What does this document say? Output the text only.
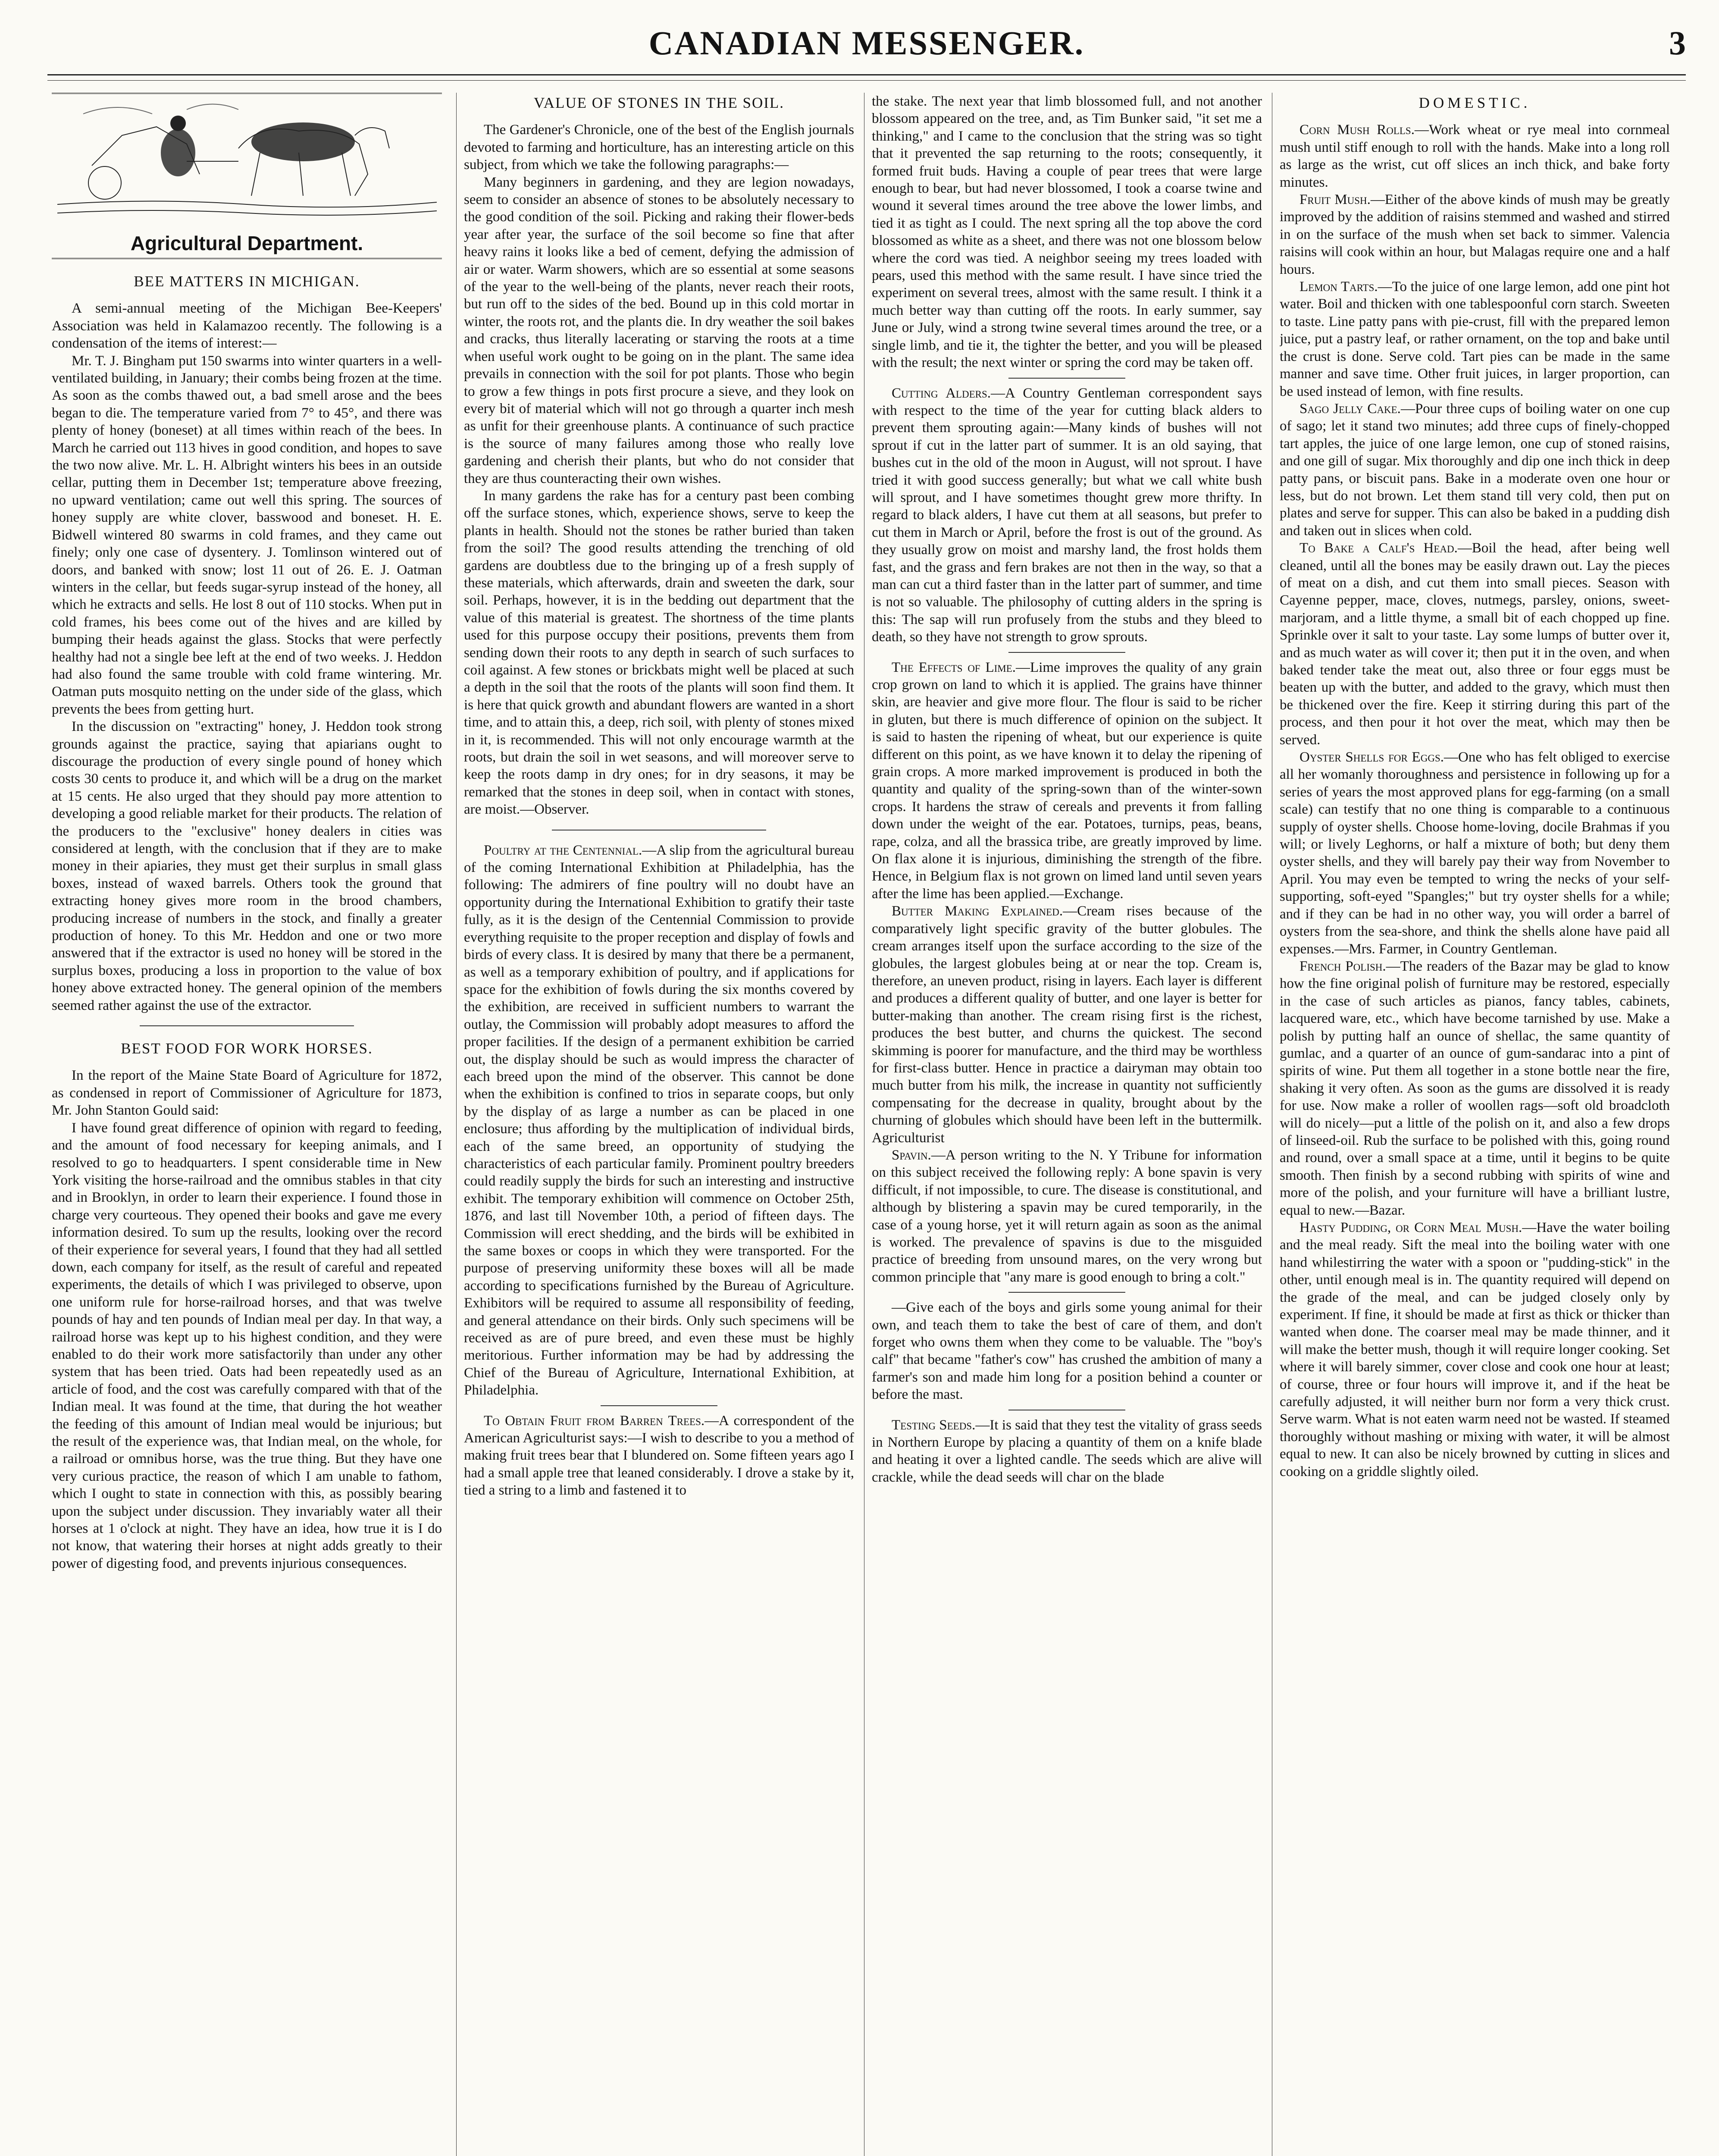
CANADIAN MESSENGER.	3
Agricultural Department.
BEE MATTERS IN MICHIGAN.

A semi-annual meeting of the Michigan Bee-Keepers' Association was held in Kalamazoo recently. The following is a condensation of the items of interest:—

Mr. T. J. Bingham put 150 swarms into winter quarters in a well-ventilated building, in January; their combs being frozen at the time. As soon as the combs thawed out, a bad smell arose and the bees began to die. The temperature varied from 7° to 45°, and there was plenty of honey (boneset) at all times within reach of the bees. In March he carried out 113 hives in good condition, and hopes to save the two now alive. Mr. L. H. Albright winters his bees in an outside cellar, putting them in December 1st; temperature above freezing, no upward ventilation; came out well this spring. The sources of honey supply are white clover, basswood and boneset. H. E. Bidwell wintered 80 swarms in cold frames, and they came out finely; only one case of dysentery. J. Tomlinson wintered out of doors, and banked with snow; lost 11 out of 26. E. J. Oatman winters in the cellar, but feeds sugar-syrup instead of the honey, all which he extracts and sells. He lost 8 out of 110 stocks. When put in cold frames, his bees come out of the hives and are killed by bumping their heads against the glass. Stocks that were perfectly healthy had not a single bee left at the end of two weeks. J. Heddon had also found the same trouble with cold frame wintering. Mr. Oatman puts mosquito netting on the under side of the glass, which prevents the bees from getting hurt.

In the discussion on "extracting" honey, J. Heddon took strong grounds against the practice, saying that apiarians ought to discourage the production of every single pound of honey which costs 30 cents to produce it, and which will be a drug on the market at 15 cents. He also urged that they should pay more attention to developing a good reliable market for their products. The relation of the producers to the "exclusive" honey dealers in cities was considered at length, with the conclusion that if they are to make money in their apiaries, they must get their surplus in small glass boxes, instead of waxed barrels. Others took the ground that extracting honey gives more room in the brood chambers, producing increase of numbers in the stock, and finally a greater production of honey. To this Mr. Heddon and one or two more answered that if the extractor is used no honey will be stored in the surplus boxes, producing a loss in proportion to the value of box honey above extracted honey. The general opinion of the members seemed rather against the use of the extractor.

BEST FOOD FOR WORK HORSES.

In the report of the Maine State Board of Agriculture for 1872, as condensed in report of Commissioner of Agriculture for 1873, Mr. John Stanton Gould said:

I have found great difference of opinion with regard to feeding, and the amount of food necessary for keeping animals, and I resolved to go to headquarters. I spent considerable time in New York visiting the horse-railroad and the omnibus stables in that city and in Brooklyn, in order to learn their experience. I found those in charge very courteous. They opened their books and gave me every information desired. To sum up the results, looking over the record of their experience for several years, I found that they had all settled down, each company for itself, as the result of careful and repeated experiments, the details of which I was privileged to observe, upon one uniform rule for horse-railroad horses, and that was twelve pounds of hay and ten pounds of Indian meal per day. In that way, a railroad horse was kept up to his highest condition, and they were enabled to do their work more satisfactorily than under any other system that has been tried. Oats had been repeatedly used as an article of food, and the cost was carefully compared with that of the Indian meal. It was found at the time, that during the hot weather the feeding of this amount of Indian meal would be injurious; but the result of the experience was, that Indian meal, on the whole, for a railroad or omnibus horse, was the true thing. But they have one very curious practice, the reason of which I am unable to fathom, which I ought to state in connection with this, as possibly bearing upon the subject under discussion. They invariably water all their horses at 1 o'clock at night. They have an idea, how true it is I do not know, that watering their horses at night adds greatly to their power of digesting food, and prevents injurious consequences.

VALUE OF STONES IN THE SOIL.

The Gardener's Chronicle, one of the best of the English journals devoted to farming and horticulture, has an interesting article on this subject, from which we take the following paragraphs:—

Many beginners in gardening, and they are legion nowadays, seem to consider an absence of stones to be absolutely necessary to the good condition of the soil. Picking and raking their flower-beds year after year, the surface of the soil become so fine that after heavy rains it looks like a bed of cement, defying the admission of air or water. Warm showers, which are so essential at some seasons of the year to the well-being of the plants, never reach their roots, but run off to the sides of the bed. Bound up in this cold mortar in winter, the roots rot, and the plants die. In dry weather the soil bakes and cracks, thus literally lacerating or starving the roots at a time when useful work ought to be going on in the plant. The same idea prevails in connection with the soil for pot plants. Those who begin to grow a few things in pots first procure a sieve, and they look on every bit of material which will not go through a quarter inch mesh as unfit for their greenhouse plants. A continuance of such practice is the source of many failures among those who really love gardening and cherish their plants, but who do not consider that they are thus counteracting their own wishes.

In many gardens the rake has for a century past been combing off the surface stones, which, experience shows, serve to keep the plants in health. Should not the stones be rather buried than taken from the soil? The good results attending the trenching of old gardens are doubtless due to the bringing up of a fresh supply of these materials, which afterwards, drain and sweeten the dark, sour soil. Perhaps, however, it is in the bedding out department that the value of this material is greatest. The shortness of the time plants used for this purpose occupy their positions, prevents them from sending down their roots to any depth in search of such surfaces to coil against. A few stones or brickbats might well be placed at such a depth in the soil that the roots of the plants will soon find them. It is here that quick growth and abundant flowers are wanted in a short time, and to attain this, a deep, rich soil, with plenty of stones mixed in it, is recommended. This will not only encourage warmth at the roots, but drain the soil in wet seasons, and will moreover serve to keep the roots damp in dry ones; for in dry seasons, it may be remarked that the stones in deep soil, when in contact with stones, are moist.—Observer.

Poultry at the Centennial.—A slip from the agricultural bureau of the coming International Exhibition at Philadelphia, has the following: The admirers of fine poultry will no doubt have an opportunity during the International Exhibition to gratify their taste fully, as it is the design of the Centennial Commission to provide everything requisite to the proper reception and display of fowls and birds of every class. It is desired by many that there be a permanent, as well as a temporary exhibition of poultry, and if applications for space for the exhibition of fowls during the six months covered by the exhibition, are received in sufficient numbers to warrant the outlay, the Commission will probably adopt measures to afford the proper facilities. If the design of a permanent exhibition be carried out, the display should be such as would impress the character of each breed upon the mind of the observer. This cannot be done when the exhibition is confined to trios in separate coops, but only by the display of as large a number as can be placed in one enclosure; thus affording by the multiplication of individual birds, each of the same breed, an opportunity of studying the characteristics of each particular family. Prominent poultry breeders could readily supply the birds for such an interesting and instructive exhibit. The temporary exhibition will commence on October 25th, 1876, and last till November 10th, a period of fifteen days. The Commission will erect shedding, and the birds will be exhibited in the same boxes or coops in which they were transported. For the purpose of preserving uniformity these boxes will all be made according to specifications furnished by the Bureau of Agriculture. Exhibitors will be required to assume all responsibility of feeding, and general attendance on their birds. Only such specimens will be received as are of pure breed, and even these must be highly meritorious. Further information may be had by addressing the Chief of the Bureau of Agriculture, International Exhibition, at Philadelphia.

To Obtain Fruit from Barren Trees.—A correspondent of the American Agriculturist says:—I wish to describe to you a method of making fruit trees bear that I blundered on. Some fifteen years ago I had a small apple tree that leaned considerably. I drove a stake by it, tied a string to a limb and fastened it to

the stake. The next year that limb blossomed full, and not another blossom appeared on the tree, and, as Tim Bunker said, "it set me a thinking," and I came to the conclusion that the string was so tight that it prevented the sap returning to the roots; consequently, it formed fruit buds. Having a couple of pear trees that were large enough to bear, but had never blossomed, I took a coarse twine and wound it several times around the tree above the lower limbs, and tied it as tight as I could. The next spring all the top above the cord blossomed as white as a sheet, and there was not one blossom below where the cord was tied. A neighbor seeing my trees loaded with pears, used this method with the same result. I have since tried the experiment on several trees, almost with the same result. I think it a much better way than cutting off the roots. In early summer, say June or July, wind a strong twine several times around the tree, or a single limb, and tie it, the tighter the better, and you will be pleased with the result; the next winter or spring the cord may be taken off.

Cutting Alders.—A Country Gentleman correspondent says with respect to the time of the year for cutting black alders to prevent them sprouting again:—Many kinds of bushes will not sprout if cut in the latter part of summer. It is an old saying, that bushes cut in the old of the moon in August, will not sprout. I have tried it with good success generally; but what we call white bush will sprout, and I have sometimes thought grew more thrifty. In regard to black alders, I have cut them at all seasons, but prefer to cut them in March or April, before the frost is out of the ground. As they usually grow on moist and marshy land, the frost holds them fast, and the grass and fern brakes are not then in the way, so that a man can cut a third faster than in the latter part of summer, and time is not so valuable. The philosophy of cutting alders in the spring is this: The sap will run profusely from the stubs and they bleed to death, so they have not strength to grow sprouts.

The Effects of Lime.—Lime improves the quality of any grain crop grown on land to which it is applied. The grains have thinner skin, are heavier and give more flour. The flour is said to be richer in gluten, but there is much difference of opinion on the subject. It is said to hasten the ripening of wheat, but our experience is quite different on this point, as we have known it to delay the ripening of grain crops. A more marked improvement is produced in both the quantity and quality of the spring-sown than of the winter-sown crops. It hardens the straw of cereals and prevents it from falling down under the weight of the ear. Potatoes, turnips, peas, beans, rape, colza, and all the brassica tribe, are greatly improved by lime. On flax alone it is injurious, diminishing the strength of the fibre. Hence, in Belgium flax is not grown on limed land until seven years after the lime has been applied.—Exchange.

Butter Making Explained.—Cream rises because of the comparatively light specific gravity of the butter globules. The cream arranges itself upon the surface according to the size of the globules, the largest globules being at or near the top. Cream is, therefore, an uneven product, rising in layers. Each layer is different and produces a different quality of butter, and one layer is better for butter-making than another. The cream rising first is the richest, produces the best butter, and churns the quickest. The second skimming is poorer for manufacture, and the third may be worthless for first-class butter. Hence in practice a dairyman may obtain too much butter from his milk, the increase in quantity not sufficiently compensating for the decrease in quality, brought about by the churning of globules which should have been left in the buttermilk. Agriculturist

Spavin.—A person writing to the N. Y Tribune for information on this subject received the following reply: A bone spavin is very difficult, if not impossible, to cure. The disease is constitutional, and although by blistering a spavin may be cured temporarily, in the case of a young horse, yet it will return again as soon as the animal is worked. The prevalence of spavins is due to the misguided practice of breeding from unsound mares, on the very wrong but common principle that "any mare is good enough to bring a colt."

—Give each of the boys and girls some young animal for their own, and teach them to take the best of care of them, and don't forget who owns them when they come to be valuable. The "boy's calf" that became "father's cow" has crushed the ambition of many a farmer's son and made him long for a position behind a counter or before the mast.

Testing Seeds.—It is said that they test the vitality of grass seeds in Northern Europe by placing a quantity of them on a knife blade and heating it over a lighted candle. The seeds which are alive will crackle, while the dead seeds will char on the blade

DOMESTIC.

Corn Mush Rolls.—Work wheat or rye meal into cornmeal mush until stiff enough to roll with the hands. Make into a long roll as large as the wrist, cut off slices an inch thick, and bake forty minutes.

Fruit Mush.—Either of the above kinds of mush may be greatly improved by the addition of raisins stemmed and washed and stirred in on the surface of the mush when set back to simmer. Valencia raisins will cook within an hour, but Malagas require one and a half hours.

Lemon Tarts.—To the juice of one large lemon, add one pint hot water. Boil and thicken with one tablespoonful corn starch. Sweeten to taste. Line patty pans with pie-crust, fill with the prepared lemon juice, put a pastry leaf, or rather ornament, on the top and bake until the crust is done. Serve cold. Tart pies can be made in the same manner and save time. Other fruit juices, in larger proportion, can be used instead of lemon, with fine results.

Sago Jelly Cake.—Pour three cups of boiling water on one cup of sago; let it stand two minutes; add three cups of finely-chopped tart apples, the juice of one large lemon, one cup of stoned raisins, and one gill of sugar. Mix thoroughly and dip one inch thick in deep patty pans, or biscuit pans. Bake in a moderate oven one hour or less, but do not brown. Let them stand till very cold, then put on plates and serve for supper. This can also be baked in a pudding dish and taken out in slices when cold.

To Bake a Calf's Head.—Boil the head, after being well cleaned, until all the bones may be easily drawn out. Lay the pieces of meat on a dish, and cut them into small pieces. Season with Cayenne pepper, mace, cloves, nutmegs, parsley, onions, sweet-marjoram, and a little thyme, a small bit of each chopped up fine. Sprinkle over it salt to your taste. Lay some lumps of butter over it, and as much water as will cover it; then put it in the oven, and when baked tender take the meat out, also three or four eggs must be beaten up with the butter, and added to the gravy, which must then be thickened over the fire. Keep it stirring during this part of the process, and then pour it hot over the meat, which may then be served.

Oyster Shells for Eggs.—One who has felt obliged to exercise all her womanly thoroughness and persistence in following up for a series of years the most approved plans for egg-farming (on a small scale) can testify that no one thing is comparable to a continuous supply of oyster shells. Choose home-loving, docile Brahmas if you will; or lively Leghorns, or half a mixture of both; but deny them oyster shells, and they will barely pay their way from November to April. You may even be tempted to wring the necks of your self-supporting, soft-eyed "Spangles;" but try oyster shells for a while; and if they can be had in no other way, you will order a barrel of oysters from the sea-shore, and think the shells alone have paid all expenses.—Mrs. Farmer, in Country Gentleman.

French Polish.—The readers of the Bazar may be glad to know how the fine original polish of furniture may be restored, especially in the case of such articles as pianos, fancy tables, cabinets, lacquered ware, etc., which have become tarnished by use. Make a polish by putting half an ounce of shellac, the same quantity of gumlac, and a quarter of an ounce of gum-sandarac into a pint of spirits of wine. Put them all together in a stone bottle near the fire, shaking it very often. As soon as the gums are dissolved it is ready for use. Now make a roller of woollen rags—soft old broadcloth will do nicely—put a little of the polish on it, and also a few drops of linseed-oil. Rub the surface to be polished with this, going round and round, over a small space at a time, until it begins to be quite smooth. Then finish by a second rubbing with spirits of wine and more of the polish, and your furniture will have a brilliant lustre, equal to new.—Bazar.

Hasty Pudding, or Corn Meal Mush.—Have the water boiling and the meal ready. Sift the meal into the boiling water with one hand whilestirring the water with a spoon or "pudding-stick" in the other, until enough meal is in. The quantity required will depend on the grade of the meal, and can be judged closely only by experiment. If fine, it should be made at first as thick or thicker than wanted when done. The coarser meal may be made thinner, and it will make the better mush, though it will require longer cooking. Set where it will barely simmer, cover close and cook one hour at least; of course, three or four hours will improve it, and if the heat be carefully adjusted, it will neither burn nor form a very thick crust. Serve warm. What is not eaten warm need not be wasted. If steamed thoroughly without mashing or mixing with water, it will be almost equal to new. It can also be nicely browned by cutting in slices and cooking on a griddle slightly oiled.
